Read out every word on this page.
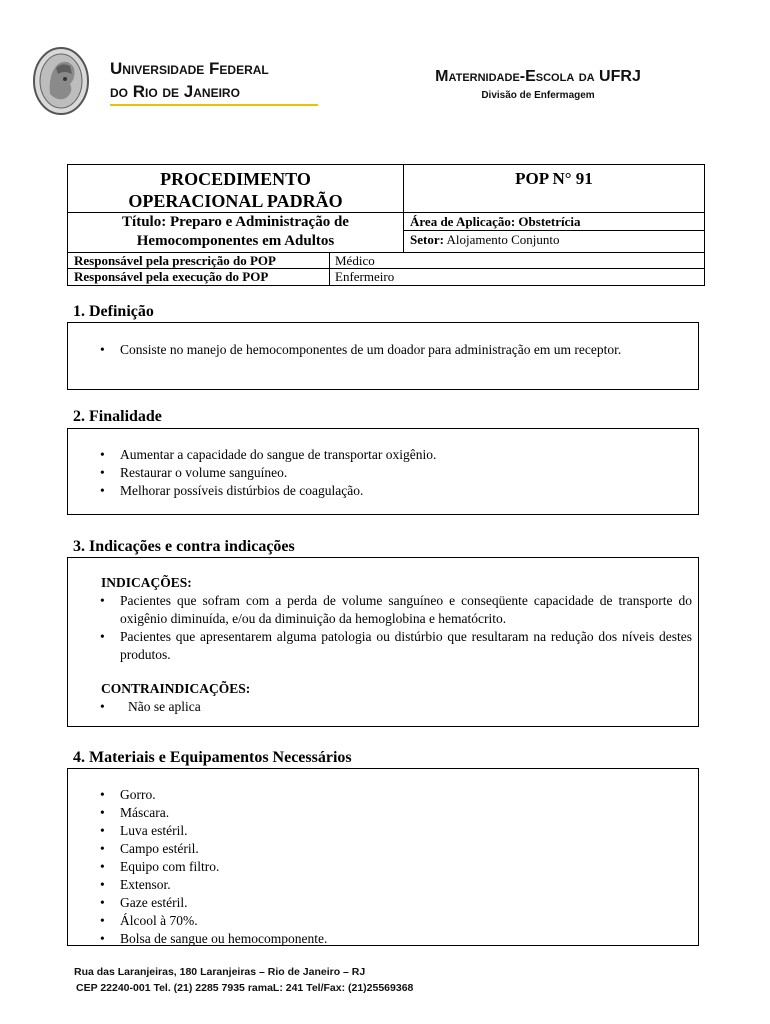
Universidade Federal
do Rio de Janeiro
Maternidade-Escola da UFRJ
Divisão de Enfermagem
PROCEDIMENTO
OPERACIONAL PADRÃO
POP N° 91
Título: Preparo e Administração de
Hemocomponentes em Adultos
Área de Aplicação: Obstetrícia
Setor: Alojamento Conjunto
Responsável pela prescrição do POP	Médico
Responsável pela execução do POP	Enfermeiro
1. Definição
• Consiste no manejo de hemocomponentes de um doador para administração em um receptor.
2. Finalidade
• Aumentar a capacidade do sangue de transportar oxigênio.
• Restaurar o volume sanguíneo.
• Melhorar possíveis distúrbios de coagulação.
3. Indicações e contra indicações
INDICAÇÕES:
• Pacientes que sofram com a perda de volume sanguíneo e conseqüente capacidade de transporte do oxigênio diminuída, e/ou da diminuição da hemoglobina e hematócrito.
• Pacientes que apresentarem alguma patologia ou distúrbio que resultaram na redução dos níveis destes produtos.
CONTRAINDICAÇÕES:
• Não se aplica
4. Materiais e Equipamentos Necessários
• Gorro.
• Máscara.
• Luva estéril.
• Campo estéril.
• Equipo com filtro.
• Extensor.
• Gaze estéril.
• Álcool à 70%.
• Bolsa de sangue ou hemocomponente.
Rua das Laranjeiras, 180 Laranjeiras – Rio de Janeiro – RJ
CEP 22240-001 Tel. (21) 2285 7935 ramaL: 241 Tel/Fax: (21)25569368
